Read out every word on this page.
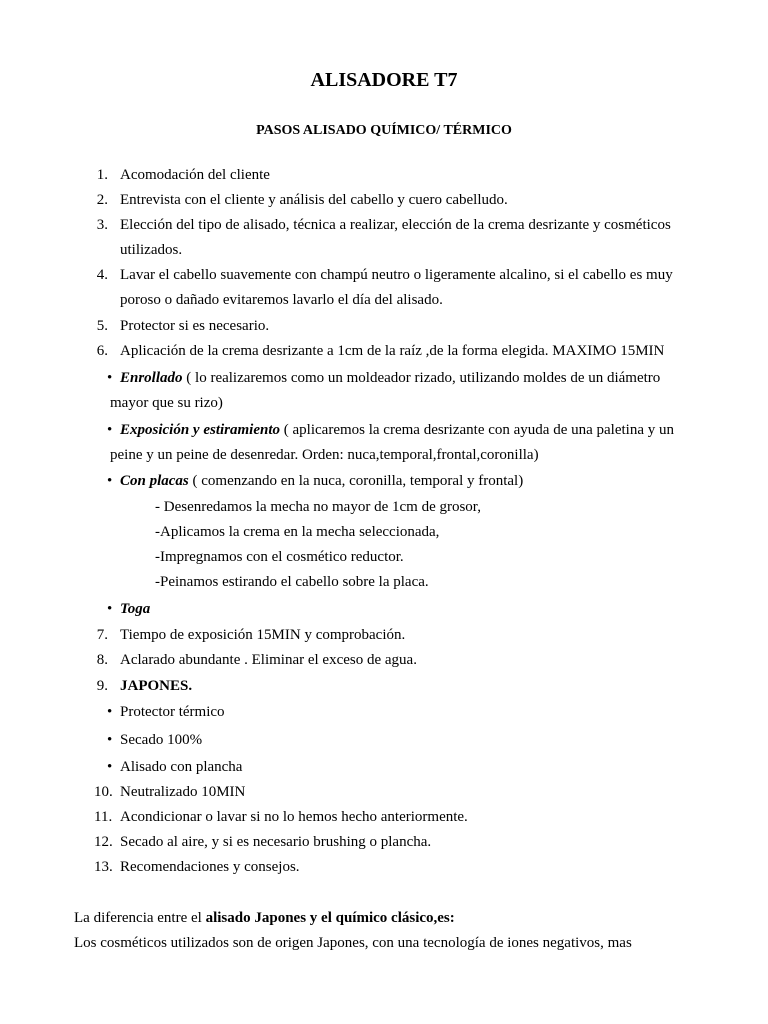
ALISADORE T7
PASOS ALISADO QUÍMICO/ TÉRMICO
1. Acomodación del cliente
2. Entrevista con el cliente y análisis del cabello y cuero cabelludo.
3. Elección del tipo de alisado, técnica a realizar, elección de la crema desrizante y cosméticos
utilizados.
4. Lavar el cabello suavemente con champú neutro o ligeramente alcalino, si el cabello es muy
poroso o dañado evitaremos lavarlo el día del alisado.
5. Protector si es necesario.
6. Aplicación de la crema desrizante a 1cm de la raíz ,de la forma elegida. MAXIMO 15MIN
• Enrollado ( lo realizaremos como un moldeador rizado, utilizando moldes de un diámetro
mayor que su rizo)
• Exposición y estiramiento ( aplicaremos la crema desrizante con ayuda de una paletina y un
peine y un peine de desenredar. Orden: nuca,temporal,frontal,coronilla)
• Con placas ( comenzando en la nuca, coronilla, temporal y frontal)
- Desenredamos la mecha no mayor de 1cm de grosor,
-Aplicamos la crema en la mecha seleccionada,
-Impregnamos con el cosmético reductor.
-Peinamos estirando el cabello sobre la placa.
• Toga
7. Tiempo de exposición 15MIN y comprobación.
8. Aclarado abundante . Eliminar el exceso de agua.
9. JAPONES.
• Protector térmico
• Secado 100%
• Alisado con plancha
10. Neutralizado 10MIN
11. Acondicionar o lavar si no lo hemos hecho anteriormente.
12. Secado al aire, y si es necesario brushing o plancha.
13. Recomendaciones y consejos.
La diferencia entre el alisado Japones y el químico clásico,es:
Los cosméticos utilizados son de origen Japones, con una tecnología de iones negativos, mas
